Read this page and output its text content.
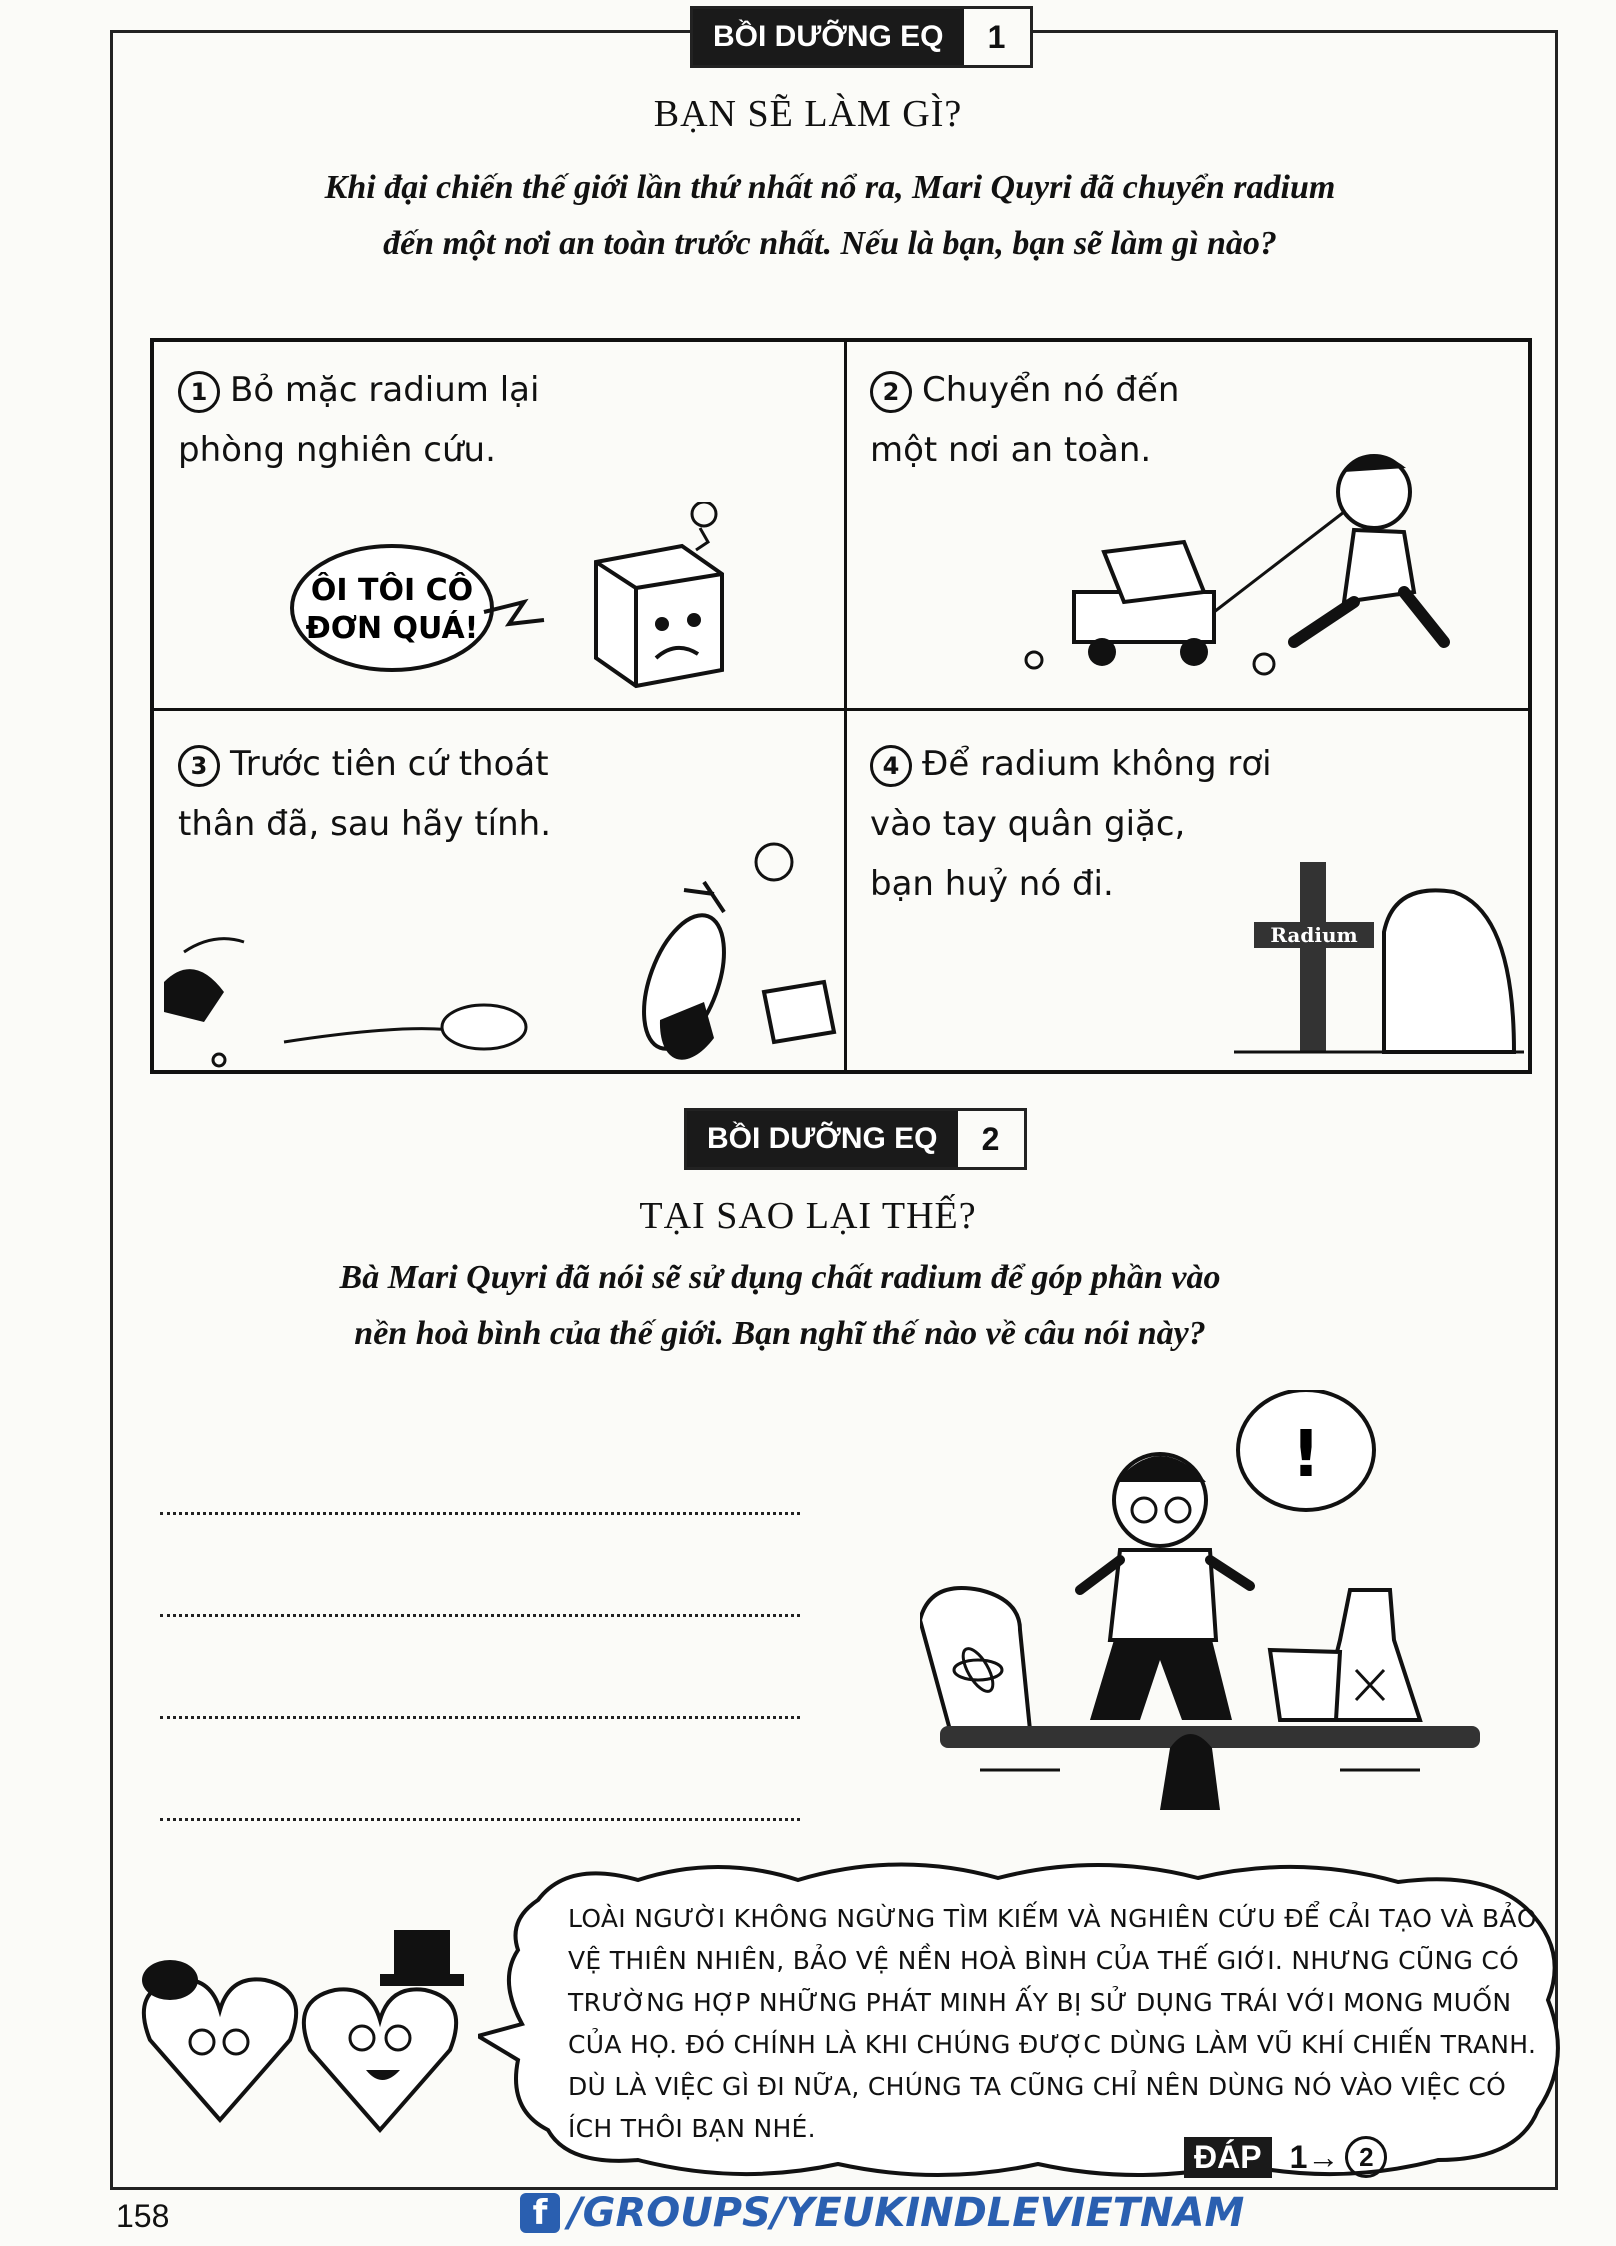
BỒI DƯỠNG EQ	1
BẠN SẼ LÀM GÌ?
Khi đại chiến thế giới lần thứ nhất nổ ra, Mari Quyri đã chuyển radium
đến một nơi an toàn trước nhất. Nếu là bạn, bạn sẽ làm gì nào?
1 Bỏ mặc radium lại
phòng nghiên cứu.
2 Chuyển nó đến
một nơi an toàn.
3 Trước tiên cứ thoát
thân đã, sau hãy tính.
4 Để radium không rơi
vào tay quân giặc,
bạn huỷ nó đi.
ÔI TÔI CÔ
ĐƠN QUÁ!
Radium
BỒI DƯỠNG EQ	2
TẠI SAO LẠI THẾ?
Bà Mari Quyri đã nói sẽ sử dụng chất radium để góp phần vào
nền hoà bình của thế giới. Bạn nghĩ thế nào về câu nói này?
!
LOÀI NGƯỜI KHÔNG NGỪNG TÌM KIẾM VÀ NGHIÊN CỨU ĐỂ CẢI TẠO VÀ BẢO VỆ THIÊN NHIÊN, BẢO VỆ NỀN HOÀ BÌNH CỦA THẾ GIỚI. NHƯNG CŨNG CÓ TRƯỜNG HỢP NHỮNG PHÁT MINH ẤY BỊ SỬ DỤNG TRÁI VỚI MONG MUỐN CỦA HỌ. ĐÓ CHÍNH LÀ KHI CHÚNG ĐƯỢC DÙNG LÀM VŨ KHÍ CHIẾN TRANH. DÙ LÀ VIỆC GÌ ĐI NỮA, CHÚNG TA CŨNG CHỈ NÊN DÙNG NÓ VÀO VIỆC CÓ ÍCH THÔI BẠN NHÉ.
ĐÁP 1 → 2
158	f /GROUPS/YEUKINDLEVIETNAM
